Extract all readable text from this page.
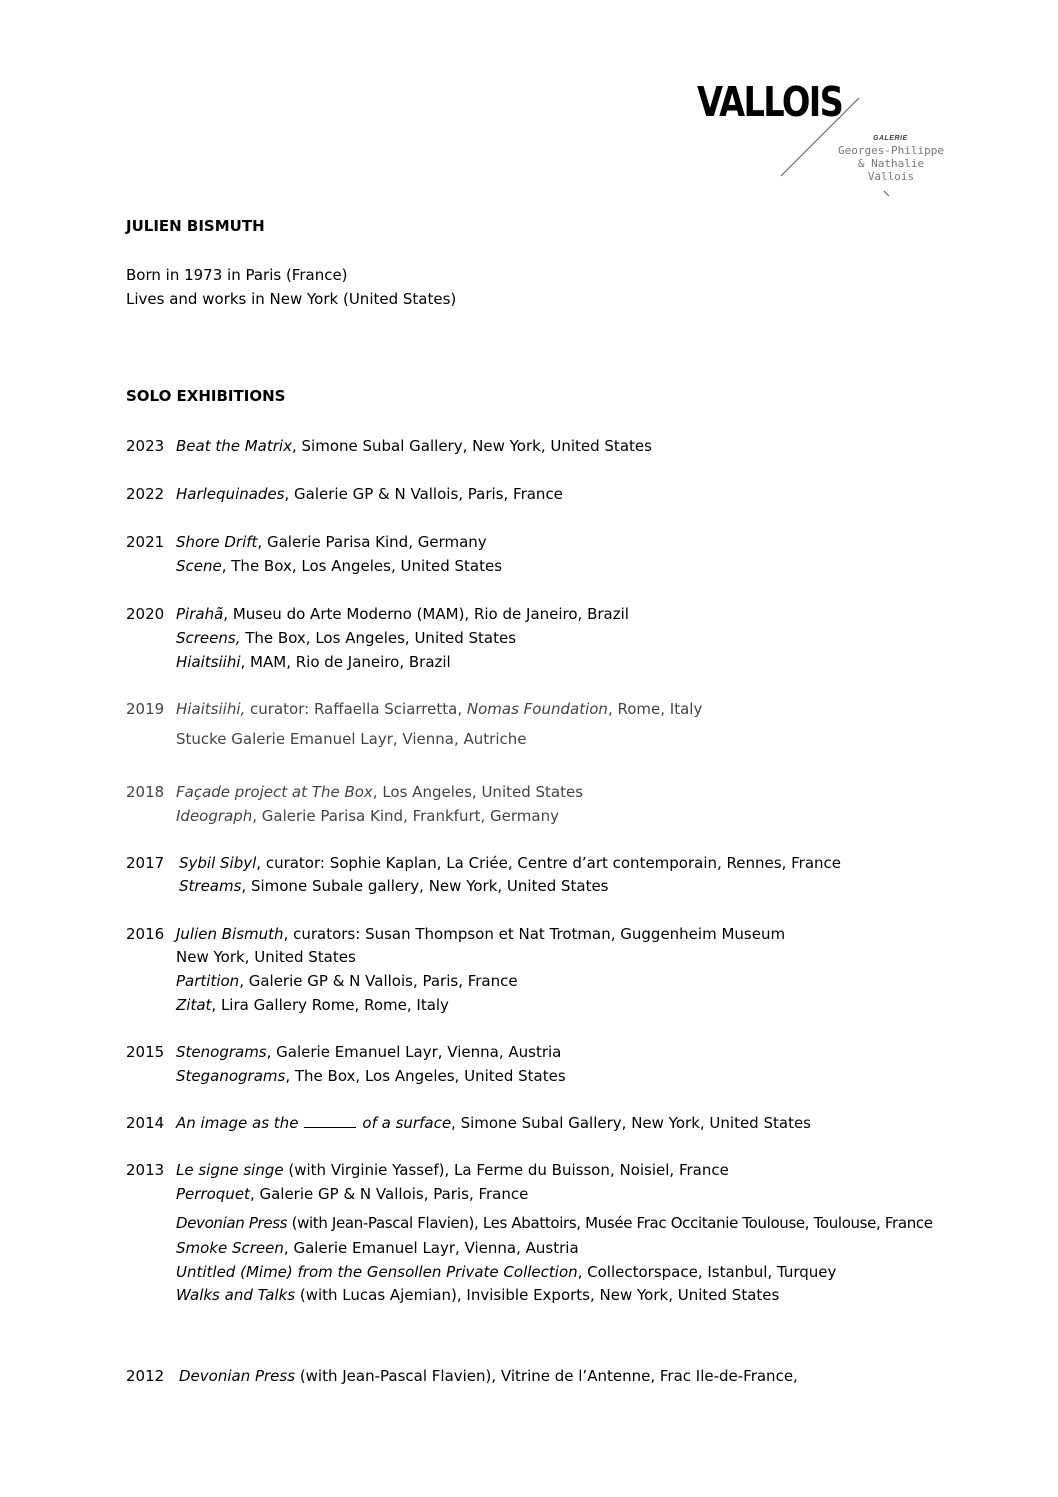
VALLOIS
GALERIE
Georges-Philippe
& Nathalie
Vallois
JULIEN BISMUTH
Born in 1973 in Paris (France)
Lives and works in New York (United States)
SOLO EXHIBITIONS
2023 Beat the Matrix, Simone Subal Gallery, New York, United States
2022 Harlequinades, Galerie GP & N Vallois, Paris, France
2021 Shore Drift, Galerie Parisa Kind, Germany
Scene, The Box, Los Angeles, United States
2020 Pirahã, Museu do Arte Moderno (MAM), Rio de Janeiro, Brazil
Screens, The Box, Los Angeles, United States
Hiaitsiihi, MAM, Rio de Janeiro, Brazil
2019 Hiaitsiihi, curator: Raffaella Sciarretta, Nomas Foundation, Rome, Italy
Stucke Galerie Emanuel Layr, Vienna, Autriche
2018 Façade project at The Box, Los Angeles, United States
Ideograph, Galerie Parisa Kind, Frankfurt, Germany
2017 Sybil Sibyl, curator: Sophie Kaplan, La Criée, Centre d’art contemporain, Rennes, France
Streams, Simone Subale gallery, New York, United States
2016 Julien Bismuth, curators: Susan Thompson et Nat Trotman, Guggenheim Museum
New York, United States
Partition, Galerie GP & N Vallois, Paris, France
Zitat, Lira Gallery Rome, Rome, Italy
2015 Stenograms, Galerie Emanuel Layr, Vienna, Austria
Steganograms, The Box, Los Angeles, United States
2014 An image as the	of a surface, Simone Subal Gallery, New York, United States
2013 Le signe singe (with Virginie Yassef), La Ferme du Buisson, Noisiel, France
Perroquet, Galerie GP & N Vallois, Paris, France
Devonian Press (with Jean-Pascal Flavien), Les Abattoirs, Musée Frac Occitanie Toulouse, Toulouse, France
Smoke Screen, Galerie Emanuel Layr, Vienna, Austria
Untitled (Mime) from the Gensollen Private Collection, Collectorspace, Istanbul, Turquey
Walks and Talks (with Lucas Ajemian), Invisible Exports, New York, United States
2012 Devonian Press (with Jean-Pascal Flavien), Vitrine de l’Antenne, Frac Ile-de-France,
